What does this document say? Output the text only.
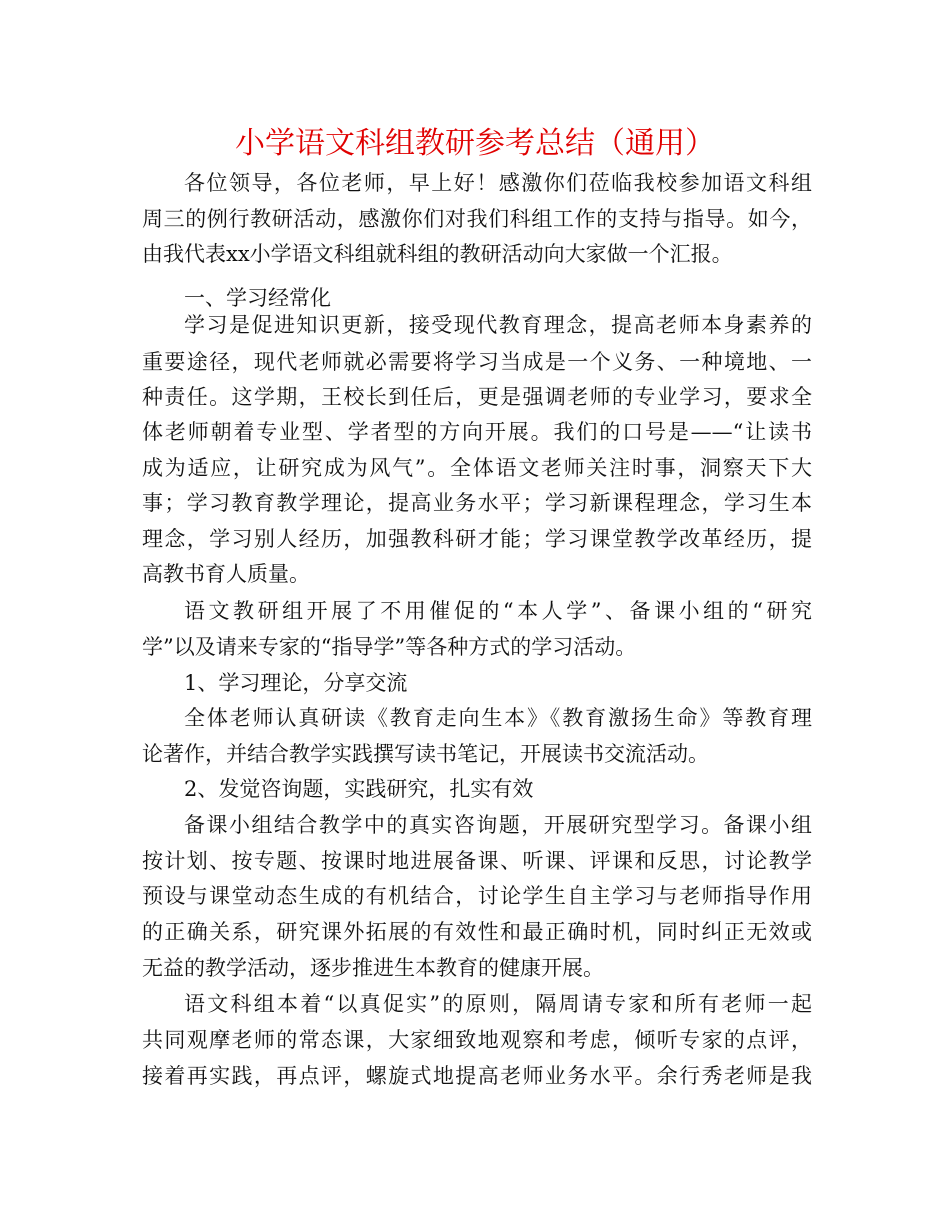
小学语文科组教研参考总结（通用）
各位领导，各位老师，早上好！感激你们莅临我校参加语文科组
周三的例行教研活动，感激你们对我们科组工作的支持与指导。如今，
由我代表xx小学语文科组就科组的教研活动向大家做一个汇报。
一、学习经常化
学习是促进知识更新，接受现代教育理念，提高老师本身素养的
重要途径，现代老师就必需要将学习当成是一个义务、一种境地、一
种责任。这学期，王校长到任后，更是强调老师的专业学习，要求全
体老师朝着专业型、学者型的方向开展。我们的口号是——“让读书
成为适应，让研究成为风气”。全体语文老师关注时事，洞察天下大
事；学习教育教学理论，提高业务水平；学习新课程理念，学习生本
理念，学习别人经历，加强教科研才能；学习课堂教学改革经历，提
高教书育人质量。
语文教研组开展了不用催促的“本人学”、备课小组的“研究
学”以及请来专家的“指导学”等各种方式的学习活动。
1、学习理论，分享交流
全体老师认真研读《教育走向生本》《教育激扬生命》等教育理
论著作，并结合教学实践撰写读书笔记，开展读书交流活动。
2、发觉咨询题，实践研究，扎实有效
备课小组结合教学中的真实咨询题，开展研究型学习。备课小组
按计划、按专题、按课时地进展备课、听课、评课和反思，讨论教学
预设与课堂动态生成的有机结合，讨论学生自主学习与老师指导作用
的正确关系，研究课外拓展的有效性和最正确时机，同时纠正无效或
无益的教学活动，逐步推进生本教育的健康开展。
语文科组本着“以真促实”的原则，隔周请专家和所有老师一起
共同观摩老师的常态课，大家细致地观察和考虑，倾听专家的点评，
接着再实践，再点评，螺旋式地提高老师业务水平。余行秀老师是我
